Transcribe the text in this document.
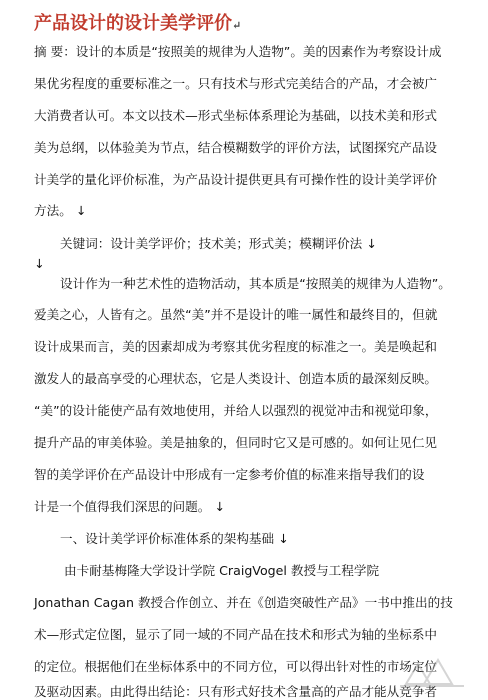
产品设计的设计美学评价↵
摘 要：设计的本质是“按照美的规律为人造物”。美的因素作为考察设计成
果优劣程度的重要标准之一。只有技术与形式完美结合的产品，才会被广
大消费者认可。本文以技术—形式坐标体系理论为基础，以技术美和形式
美为总纲，以体验美为节点，结合模糊数学的评价方法，试图探究产品设
计美学的量化评价标准，为产品设计提供更具有可操作性的设计美学评价
方法。 ↓
关键词：设计美学评价；技术美；形式美；模糊评价法 ↓
↓
设计作为一种艺术性的造物活动，其本质是“按照美的规律为人造物”。
爱美之心，人皆有之。虽然“美”并不是设计的唯一属性和最终目的，但就
设计成果而言，美的因素却成为考察其优劣程度的标准之一。美是唤起和
激发人的最高享受的心理状态，它是人类设计、创造本质的最深刻反映。
“美”的设计能使产品有效地使用，并给人以强烈的视觉冲击和视觉印象，
提升产品的审美体验。美是抽象的，但同时它又是可感的。如何让见仁见
智的美学评价在产品设计中形成有一定参考价值的标准来指导我们的设
计是一个值得我们深思的问题。 ↓
一、设计美学评价标准体系的架构基础 ↓
由卡耐基梅隆大学设计学院 CraigVogel 教授与工程学院
Jonathan Cagan 教授合作创立、并在《创造突破性产品》一书中推出的技
术—形式定位图，显示了同一域的不同产品在技术和形式为轴的坐标系中
的定位。根据他们在坐标体系中的不同方位，可以得出针对性的市场定位
及驱动因素。由此得出结论：只有形式好技术含量高的产品才能从竞争者
